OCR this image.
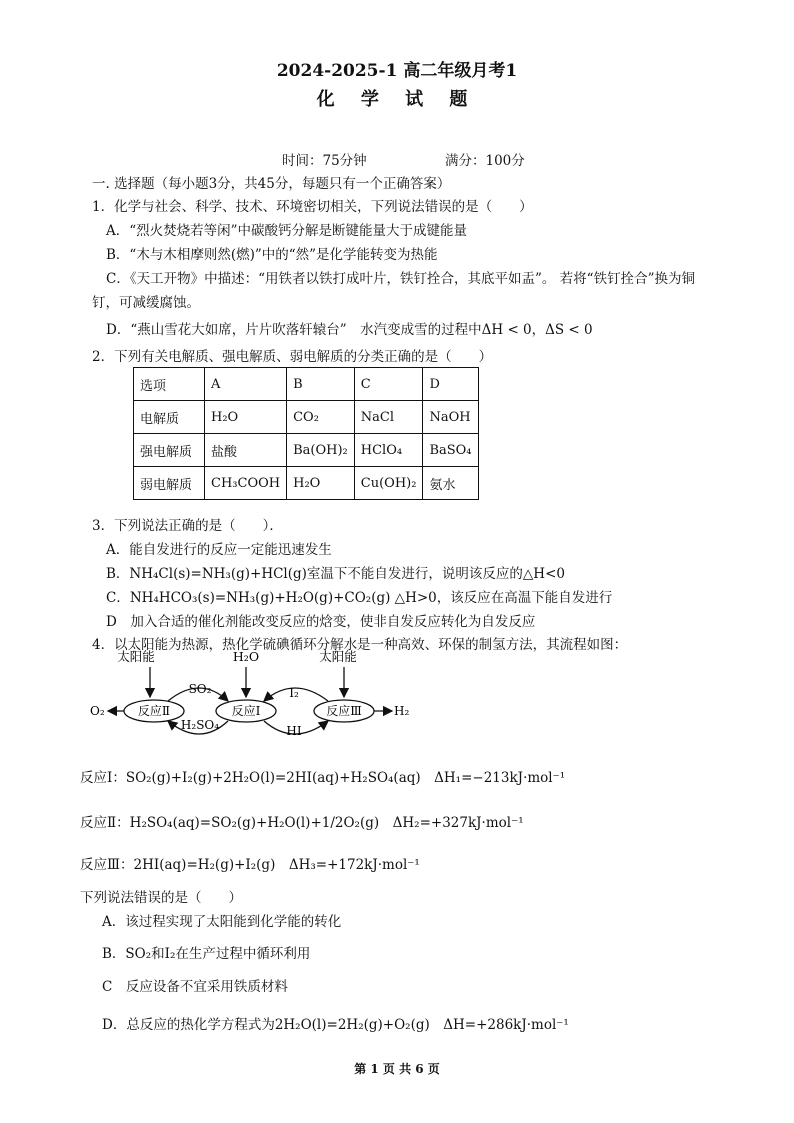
2024-2025-1 高二年级月考1
化 学 试 题
时间：75分钟	满分：100分
一. 选择题（每小题3分，共45分，每题只有一个正确答案）
1．化学与社会、科学、技术、环境密切相关，下列说法错误的是（　　）
A．“烈火焚烧若等闲”中碳酸钙分解是断键能量大于成键能量
B．“木与木相摩则然(燃)”中的“然”是化学能转变为热能
C．《天工开物》中描述：“用铁者以铁打成叶片，铁钉拴合，其底平如盂”。 若将“铁钉拴合”换为铜
钉，可减缓腐蚀。
D．“燕山雪花大如席，片片吹落轩辕台”　水汽变成雪的过程中ΔH < 0，ΔS < 0
2．下列有关电解质、强电解质、弱电解质的分类正确的是（　　）
选项	A	B	C	D
电解质	H₂O	CO₂	NaCl	NaOH
强电解质	盐酸	Ba(OH)₂	HClO₄	BaSO₄
弱电解质	CH₃COOH	H₂O	Cu(OH)₂	氨水
3．下列说法正确的是（　　）．
A．能自发进行的反应一定能迅速发生
B．NH₄Cl(s)=NH₃(g)+HCl(g)室温下不能自发进行，说明该反应的△H<0
C．NH₄HCO₃(s)=NH₃(g)+H₂O(g)+CO₂(g) △H>0，该反应在高温下能自发进行
D　加入合适的催化剂能改变反应的焓变，使非自发反应转化为自发反应
4．以太阳能为热源，热化学硫碘循环分解水是一种高效、环保的制氢方法，其流程如图：
太阳能	H₂O	太阳能
反应Ⅱ	反应Ⅰ	反应Ⅲ
O₂	H₂
SO₂
H₂SO₄
I₂
HI
反应Ⅰ：SO₂(g)+I₂(g)+2H₂O(l)=2HI(aq)+H₂SO₄(aq)　ΔH₁=−213kJ·mol⁻¹
反应Ⅱ：H₂SO₄(aq)=SO₂(g)+H₂O(l)+1/2O₂(g)　ΔH₂=+327kJ·mol⁻¹
反应Ⅲ：2HI(aq)=H₂(g)+I₂(g)　ΔH₃=+172kJ·mol⁻¹
下列说法错误的是（　　）
A．该过程实现了太阳能到化学能的转化
B．SO₂和I₂在生产过程中循环利用
C　反应设备不宜采用铁质材料
D．总反应的热化学方程式为2H₂O(l)=2H₂(g)+O₂(g)　ΔH=+286kJ·mol⁻¹
第 1 页 共 6 页
